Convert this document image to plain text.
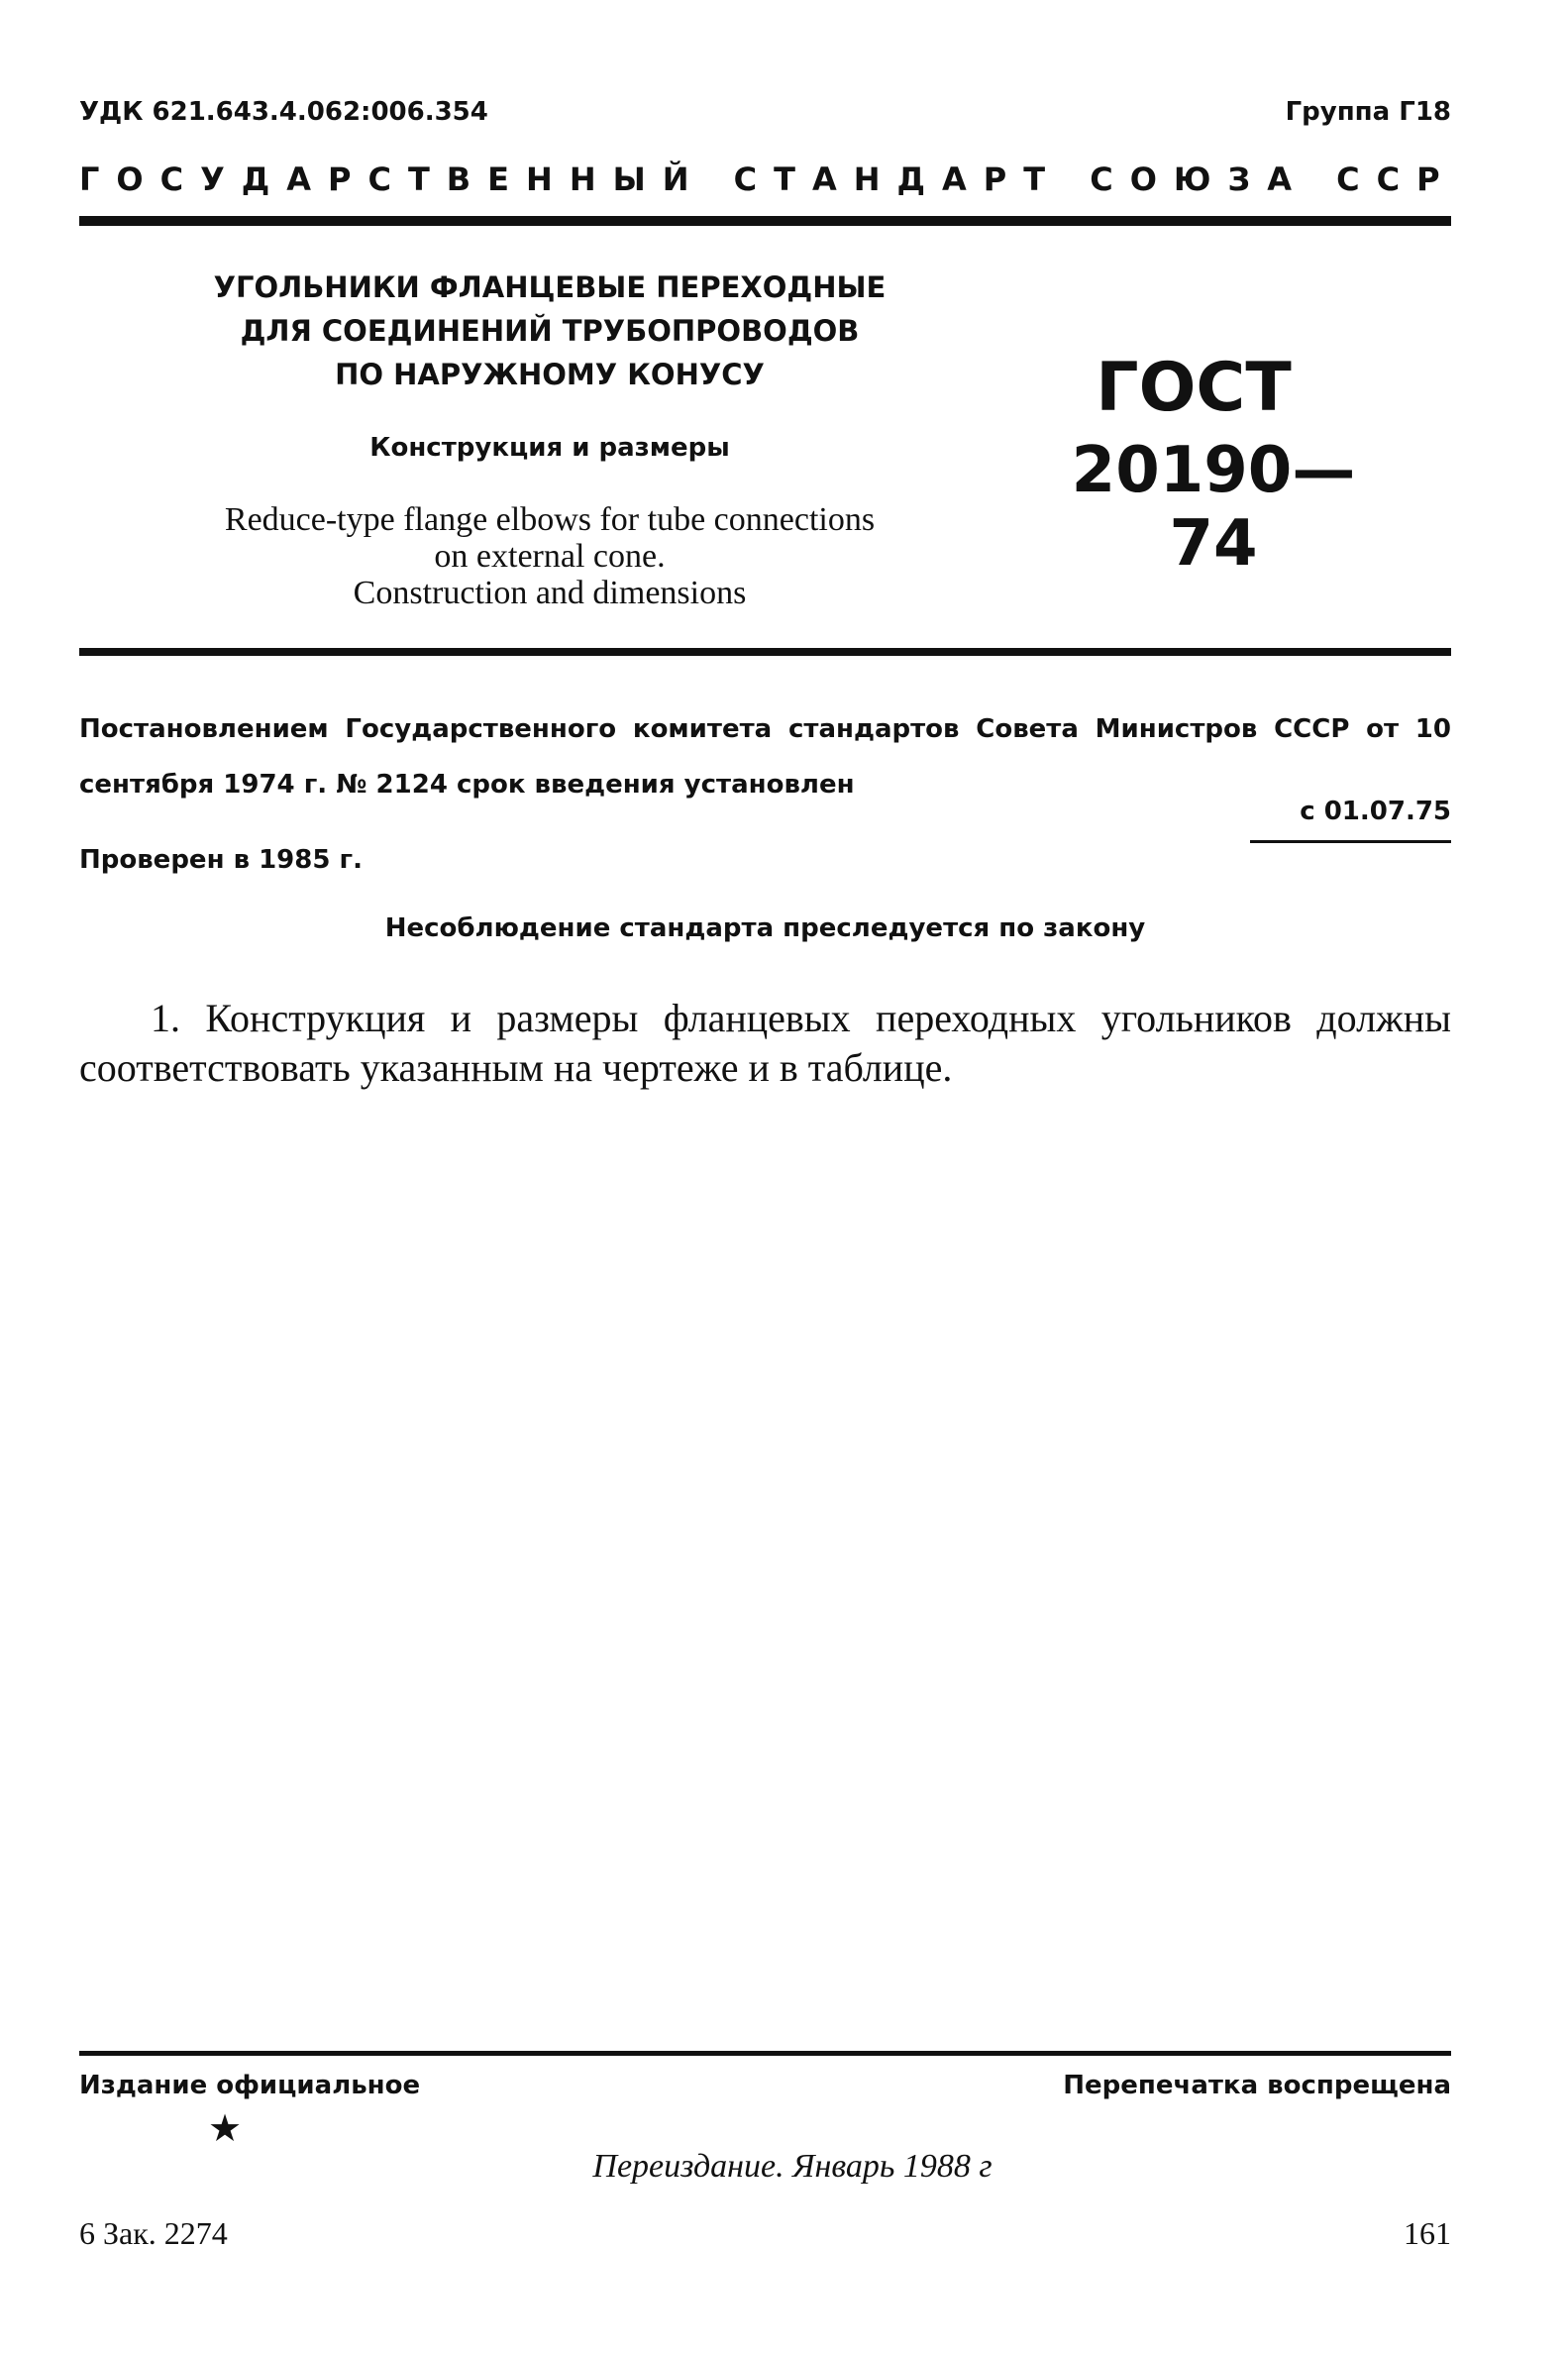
УДК 621.643.4.062:006.354	Группа Г18
ГОСУДАРСТВЕННЫЙ СТАНДАРТ СОЮЗА ССР
УГОЛЬНИКИ ФЛАНЦЕВЫЕ ПЕРЕХОДНЫЕ
ДЛЯ СОЕДИНЕНИЙ ТРУБОПРОВОДОВ
ПО НАРУЖНОМУ КОНУСУ
Конструкция и размеры
Reduce-type flange elbows for tube connections
on external cone.
Construction and dimensions
ГОСТ
20190—74
Постановлением Государственного комитета стандартов Совета Министров СССР от 10 сентября 1974 г. № 2124 срок введения установлен
с 01.07.75
Проверен в 1985 г.
Несоблюдение стандарта преследуется по закону
1. Конструкция и размеры фланцевых переходных угольников должны соответствовать указанным на чертеже и в таблице.
Издание официальное	Перепечатка воспрещена
★
Переиздание. Январь 1988 г
6 Зак. 2274	161
